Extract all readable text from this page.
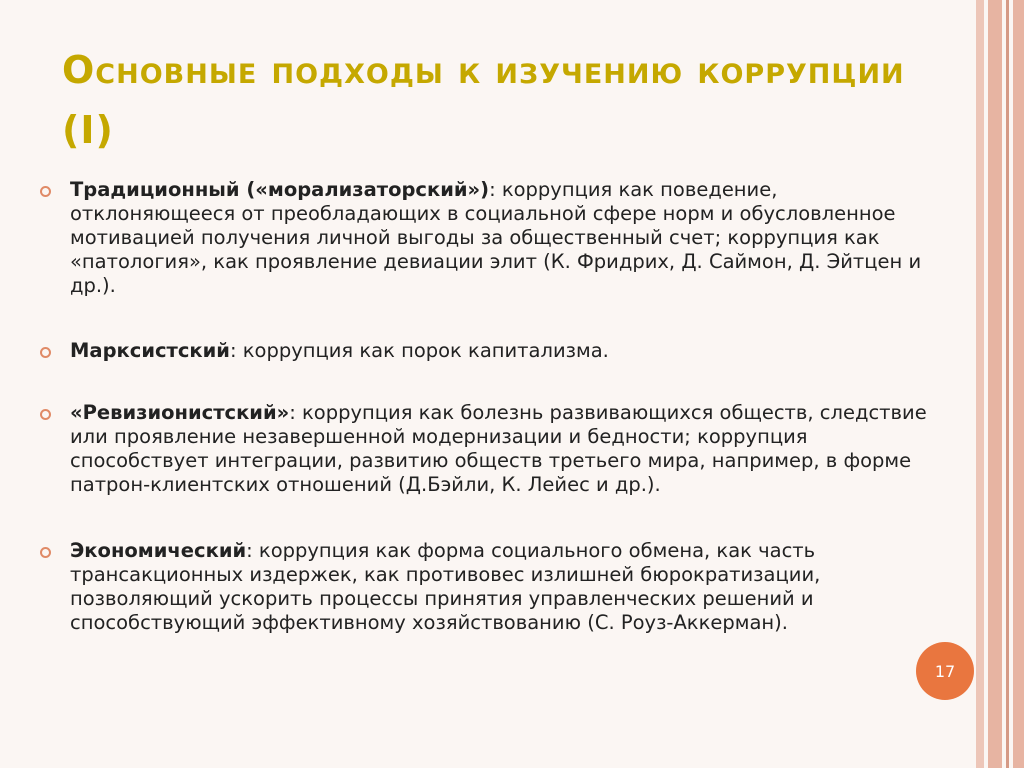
Основные подходы к изучению коррупции (I)
Традиционный («морализаторский»): коррупция как поведение, отклоняющееся от преобладающих в социальной сфере норм и обусловленное мотивацией получения личной выгоды за общественный счет; коррупция как «патология», как проявление девиации элит (К. Фридрих, Д. Саймон, Д. Эйтцен и др.).
Марксистский: коррупция как порок капитализма.
«Ревизионистский»: коррупция как болезнь развивающихся обществ, следствие или проявление незавершенной модернизации и бедности; коррупция способствует интеграции, развитию обществ третьего мира, например, в форме патрон-клиентских отношений (Д.Бэйли, К. Лейес и др.).
Экономический: коррупция как форма социального обмена, как часть трансакционных издержек, как противовес излишней бюрократизации, позволяющий ускорить процессы принятия управленческих решений и способствующий эффективному хозяйствованию (С. Роуз-Аккерман).
17
